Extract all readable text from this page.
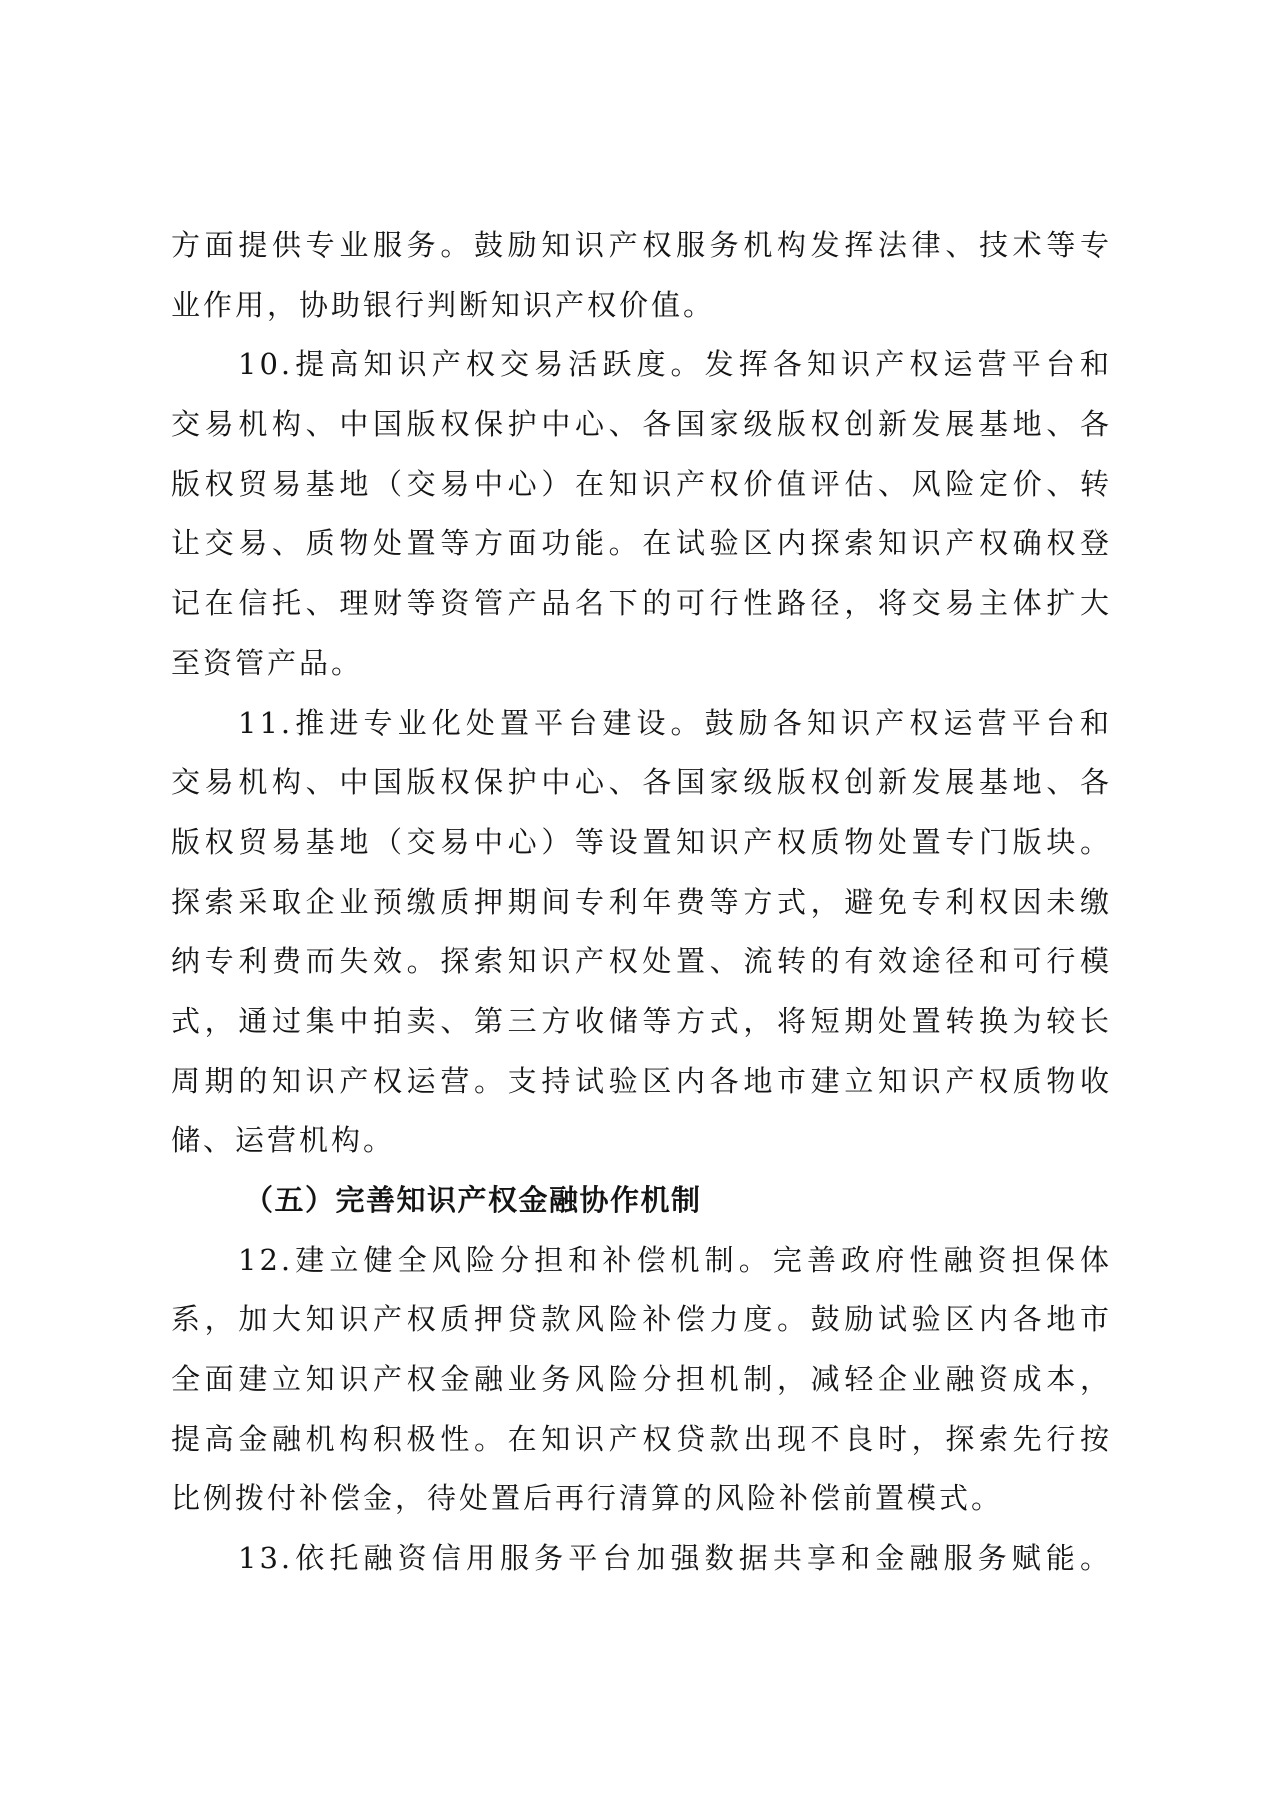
方面提供专业服务。鼓励知识产权服务机构发挥法律、技术等专
业作用，协助银行判断知识产权价值。
10.提高知识产权交易活跃度。发挥各知识产权运营平台和
交易机构、中国版权保护中心、各国家级版权创新发展基地、各
版权贸易基地（交易中心）在知识产权价值评估、风险定价、转
让交易、质物处置等方面功能。在试验区内探索知识产权确权登
记在信托、理财等资管产品名下的可行性路径，将交易主体扩大
至资管产品。
11.推进专业化处置平台建设。鼓励各知识产权运营平台和
交易机构、中国版权保护中心、各国家级版权创新发展基地、各
版权贸易基地（交易中心）等设置知识产权质物处置专门版块。
探索采取企业预缴质押期间专利年费等方式，避免专利权因未缴
纳专利费而失效。探索知识产权处置、流转的有效途径和可行模
式，通过集中拍卖、第三方收储等方式，将短期处置转换为较长
周期的知识产权运营。支持试验区内各地市建立知识产权质物收
储、运营机构。
（五）完善知识产权金融协作机制
12.建立健全风险分担和补偿机制。完善政府性融资担保体
系，加大知识产权质押贷款风险补偿力度。鼓励试验区内各地市
全面建立知识产权金融业务风险分担机制，减轻企业融资成本，
提高金融机构积极性。在知识产权贷款出现不良时，探索先行按
比例拨付补偿金，待处置后再行清算的风险补偿前置模式。
13.依托融资信用服务平台加强数据共享和金融服务赋能。
